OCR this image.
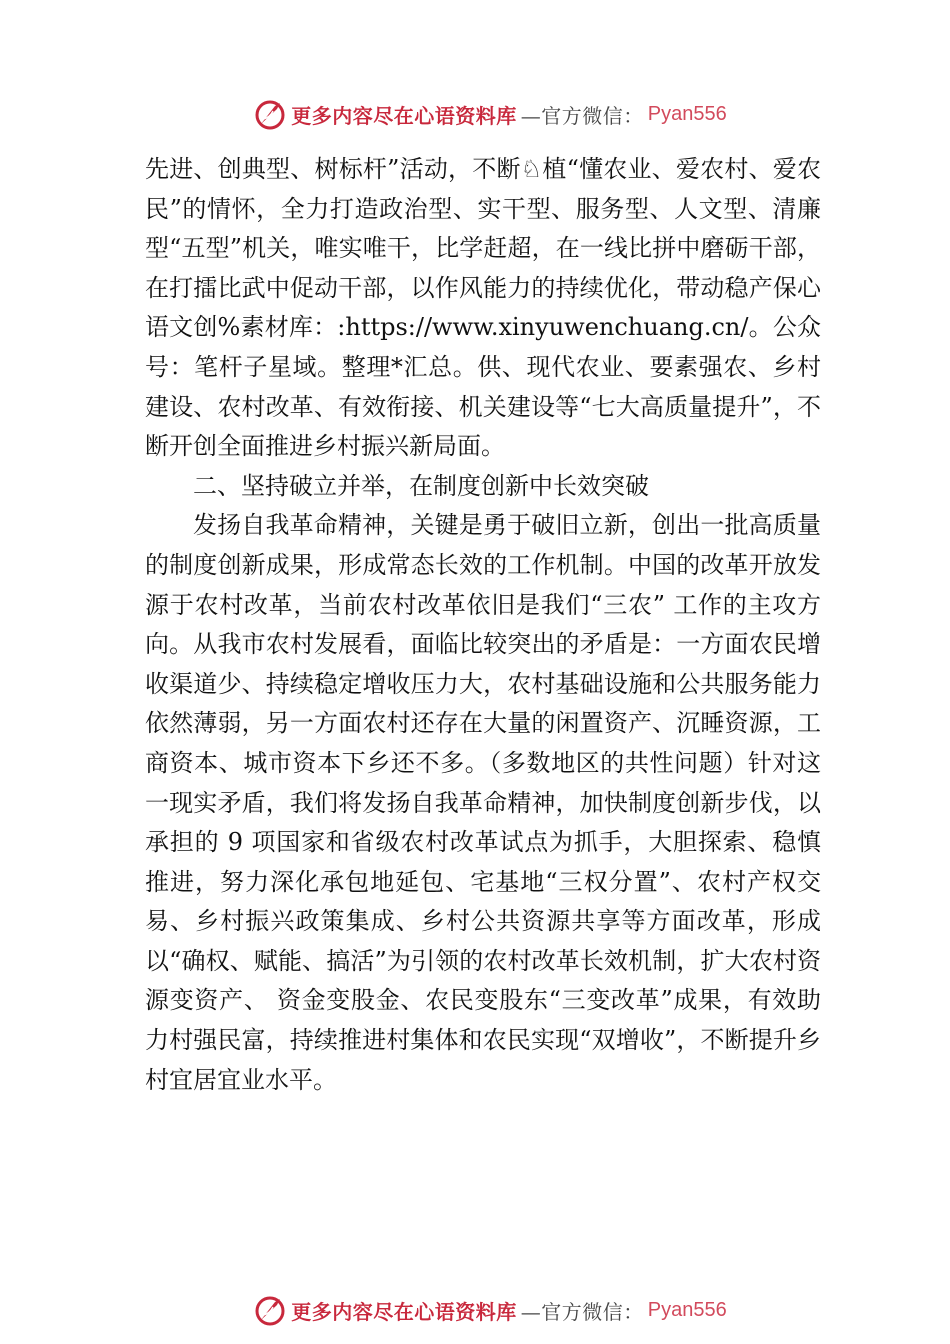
更多内容尽在心语资料库 —官方微信： Pyan556

先进、创典型、树标杆”活动，不断♘植“懂农业、爱农村、爱农民”的情怀，全力打造政治型、实干型、服务型、人文型、清廉型“五型”机关，唯实唯干，比学赶超，在一线比拼中磨砺干部，在打擂比武中促动干部，以作风能力的持续优化，带动稳产保心语文创%素材库：:https://www.xinyuwenchuang.cn/。公众号：笔杆子星域。整理*汇总。供、现代农业、要素强农、乡村建设、农村改革、有效衔接、机关建设等“七大高质量提升”，不断开创全面推进乡村振兴新局面。

二、坚持破立并举，在制度创新中长效突破

发扬自我革命精神，关键是勇于破旧立新，创出一批高质量的制度创新成果，形成常态长效的工作机制。中国的改革开放发源于农村改革，当前农村改革依旧是我们“三农” 工作的主攻方向。从我市农村发展看，面临比较突出的矛盾是：一方面农民增收渠道少、持续稳定增收压力大，农村基础设施和公共服务能力依然薄弱，另一方面农村还存在大量的闲置资产、沉睡资源，工商资本、城市资本下乡还不多。（多数地区的共性问题）针对这一现实矛盾，我们将发扬自我革命精神，加快制度创新步伐，以承担的 9 项国家和省级农村改革试点为抓手，大胆探索、稳慎推进，努力深化承包地延包、宅基地“三权分置”、农村产权交易、乡村振兴政策集成、乡村公共资源共享等方面改革，形成以“确权、赋能、搞活”为引领的农村改革长效机制，扩大农村资源变资产、 资金变股金、农民变股东“三变改革”成果，有效助力村强民富，持续推进村集体和农民实现“双增收”，不断提升乡村宜居宜业水平。

更多内容尽在心语资料库 —官方微信： Pyan556
